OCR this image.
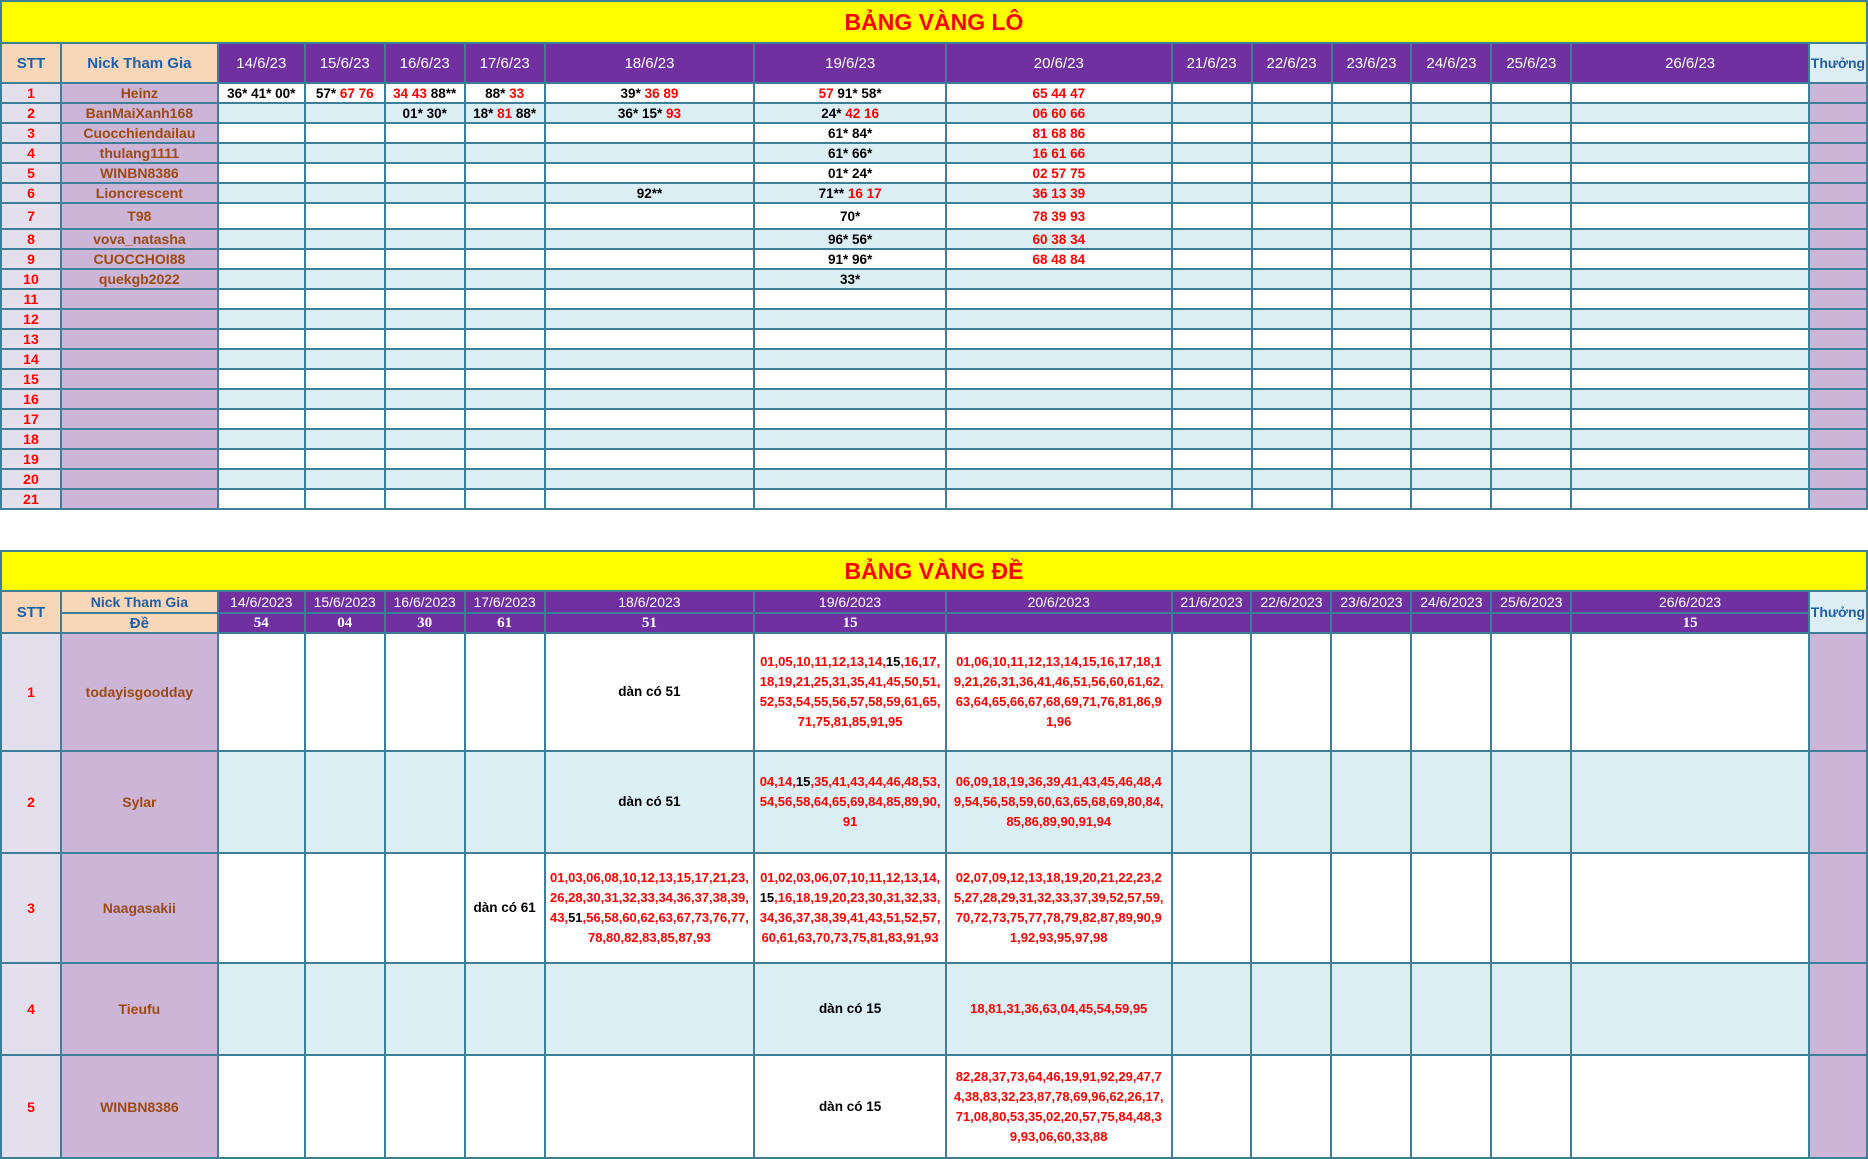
BẢNG VÀNG LÔ															
STT	Nick Tham Gia	14/6/23	15/6/23	16/6/23	17/6/23	18/6/23	19/6/23	20/6/23	21/6/23	22/6/23	23/6/23	24/6/23	25/6/23	26/6/23	Thưởng
1	Heinz	36* 41* 00*	57* 67 76	34 43 88**	88* 33	39* 36 89	57 91* 58*	65 44 47							
2	BanMaiXanh168			01* 30*	18* 81 88*	36* 15* 93	24* 42 16	06 60 66							
3	Cuocchiendailau						61* 84*	81 68 86							
4	thulang1111						61* 66*	16 61 66							
5	WINBN8386						01* 24*	02 57 75							
6	Lioncrescent					92**	71** 16 17	36 13 39							
7	T98						70*	78 39 93							
8	vova_natasha						96* 56*	60 38 34							
9	CUOCCHOI88						91* 96*	68 48 84							
10	quekgb2022						33*								
11															
12															
13															
14															
15															
16															
17															
18															
19															
20															
21															
BẢNG VÀNG ĐỀ															
STT	Nick Tham Gia	14/6/2023	15/6/2023	16/6/2023	17/6/2023	18/6/2023	19/6/2023	20/6/2023	21/6/2023	22/6/2023	23/6/2023	24/6/2023	25/6/2023	26/6/2023	Thưởng
	Đề	54	04	30	61	51	15							15	
1	todayisgoodday					dàn có 51	01,05,10,11,12,13,14,15,16,17,18,19,21,25,31,35,41,45,50,51,52,53,54,55,56,57,58,59,61,65,71,75,81,85,91,95	01,06,10,11,12,13,14,15,16,17,18,19,21,26,31,36,41,46,51,56,60,61,62,63,64,65,66,67,68,69,71,76,81,86,91,96							

2	Sylar					dàn có 51	04,14,15,35,41,43,44,46,48,53,54,56,58,64,65,69,84,85,89,90,91	06,09,18,19,36,39,41,43,45,46,48,49,54,56,58,59,60,63,65,68,69,80,84,85,86,89,90,91,94							

3	Naagasakii				dàn có 61	01,03,06,08,10,12,13,15,17,21,23,26,28,30,31,32,33,34,36,37,38,39,43,51,56,58,60,62,63,67,73,76,77,78,80,82,83,85,87,93	01,02,03,06,07,10,11,12,13,14,15,16,18,19,20,23,30,31,32,33,34,36,37,38,39,41,43,51,52,57,60,61,63,70,73,75,81,83,91,93	02,07,09,12,13,18,19,20,21,22,23,25,27,28,29,31,32,33,37,39,52,57,59,70,72,73,75,77,78,79,82,87,89,90,91,92,93,95,97,98							

4	Tieufu						dàn có 15	18,81,31,36,63,04,45,54,59,95							

5	WINBN8386						dàn có 15	82,28,37,73,64,46,19,91,92,29,47,74,38,83,32,23,87,78,69,96,62,26,17,71,08,80,53,35,02,20,57,75,84,48,39,93,06,60,33,88							
